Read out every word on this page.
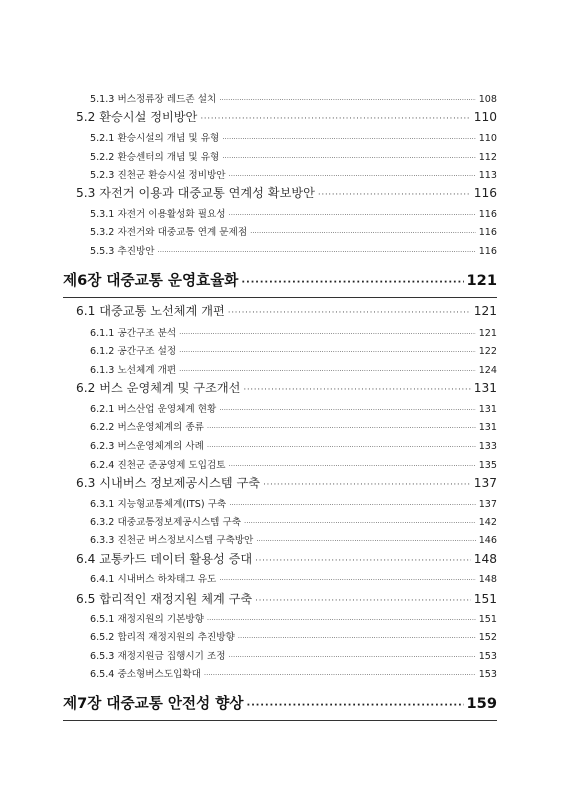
5.1.3 버스정류장 레드존 설치 ·····	108
5.2 환승시설 정비방안 ·····	110
5.2.1 환승시설의 개념 및 유형 ·····	110
5.2.2 환승센터의 개념 및 유형 ·····	112
5.2.3 진천군 환승시설 정비방안 ·····	113
5.3 자전거 이용과 대중교통 연계성 확보방안 ·····	116
5.3.1 자전거 이용활성화 필요성 ·····	116
5.3.2 자전거와 대중교통 연계 문제점 ·····	116
5.5.3 추진방안 ·····	116
제6장 대중교통 운영효율화 ·····	121
6.1 대중교통 노선체계 개편 ·····	121
6.1.1 공간구조 분석 ·····	121
6.1.2 공간구조 설정 ·····	122
6.1.3 노선체계 개편 ·····	124
6.2 버스 운영체계 및 구조개선 ·····	131
6.2.1 버스산업 운영체계 현황 ·····	131
6.2.2 버스운영체계의 종류 ·····	131
6.2.3 버스운영체계의 사례 ·····	133
6.2.4 진천군 준공영제 도입검토 ·····	135
6.3 시내버스 정보제공시스템 구축 ·····	137
6.3.1 지능형교통체계(ITS) 구축 ·····	137
6.3.2 대중교통정보제공시스템 구축 ·····	142
6.3.3 진천군 버스정보시스템 구축방안 ·····	146
6.4 교통카드 데이터 활용성 증대 ·····	148
6.4.1 시내버스 하차태그 유도 ·····	148
6.5 합리적인 재정지원 체계 구축 ·····	151
6.5.1 재정지원의 기본방향 ·····	151
6.5.2 합리적 재정지원의 추진방향 ·····	152
6.5.3 재정지원금 집행시기 조정 ·····	153
6.5.4 중소형버스도입확대 ·····	153
제7장 대중교통 안전성 향상 ·····	159
